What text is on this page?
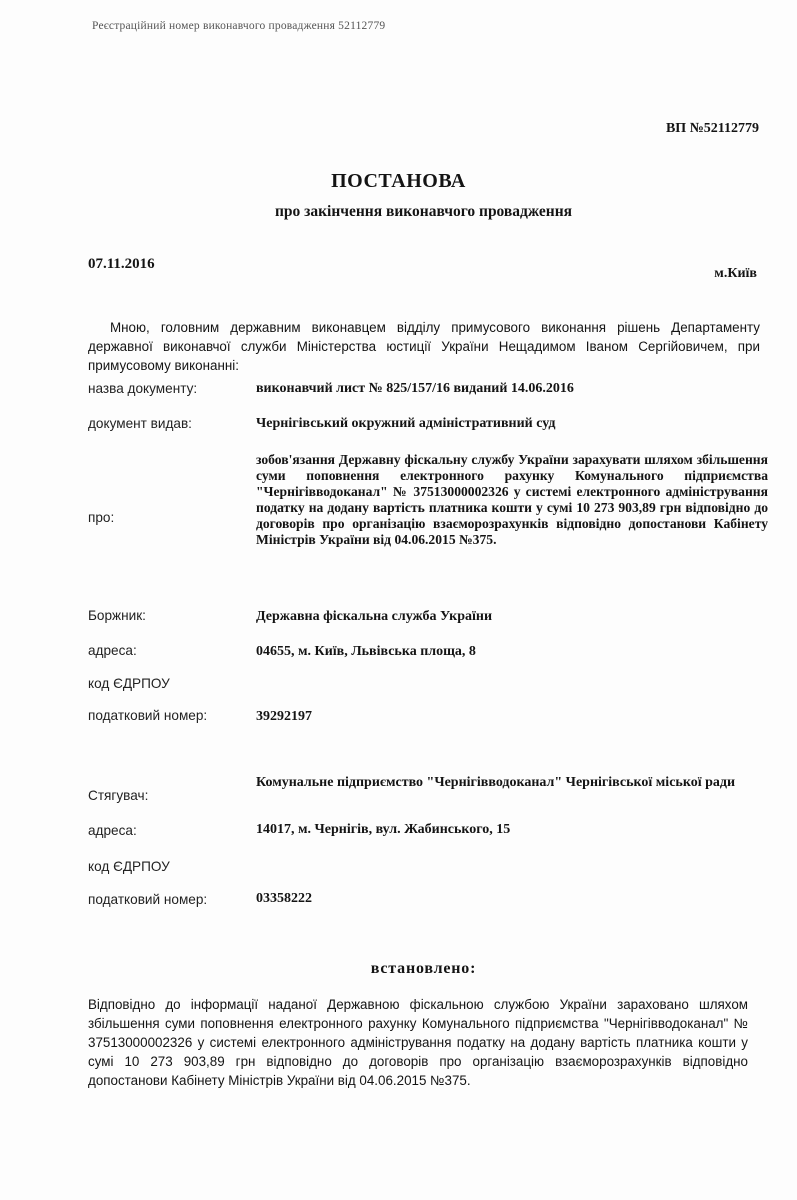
Реєстраційний номер виконавчого провадження 52112779
ВП №52112779
ПОСТАНОВА
про закінчення виконавчого провадження
07.11.2016
м.Київ
Мною, головним державним виконавцем відділу примусового виконання рішень Департаменту державної виконавчої служби Міністерства юстиції України Нещадимом Іваном Сергійовичем, при примусовому виконанні:
назва документу:	виконавчий лист № 825/157/16 виданий 14.06.2016
документ видав:	Чернігівський окружний адміністративний суд
про:
зобов'язання Державну фіскальну службу України зарахувати шляхом збільшення суми поповнення електронного рахунку Комунального підприємства "Чернігівводоканал" № 37513000002326 у системі електронного адміністрування податку на додану вартість платника кошти у сумі 10 273 903,89 грн відповідно до договорів про організацію взаєморозрахунків відповідно допостанови Кабінету Міністрів України від 04.06.2015 №375.
Боржник:	Державна фіскальна служба України
адреса:	04655, м. Київ, Львівська площа, 8
код ЄДРПОУ
податковий номер:	39292197
Стягувач:
Комунальне підприємство "Чернігівводоканал" Чернігівської міської ради
адреса:	14017, м. Чернігів, вул. Жабинського, 15
код ЄДРПОУ
податковий номер:	03358222
встановлено:
Відповідно до інформації наданої Державною фіскальною службою України зараховано шляхом збільшення суми поповнення електронного рахунку Комунального підприємства "Чернігівводоканал" № 37513000002326 у системі електронного адміністрування податку на додану вартість платника кошти у сумі 10 273 903,89 грн відповідно до договорів про організацію взаєморозрахунків відповідно допостанови Кабінету Міністрів України від 04.06.2015 №375.
